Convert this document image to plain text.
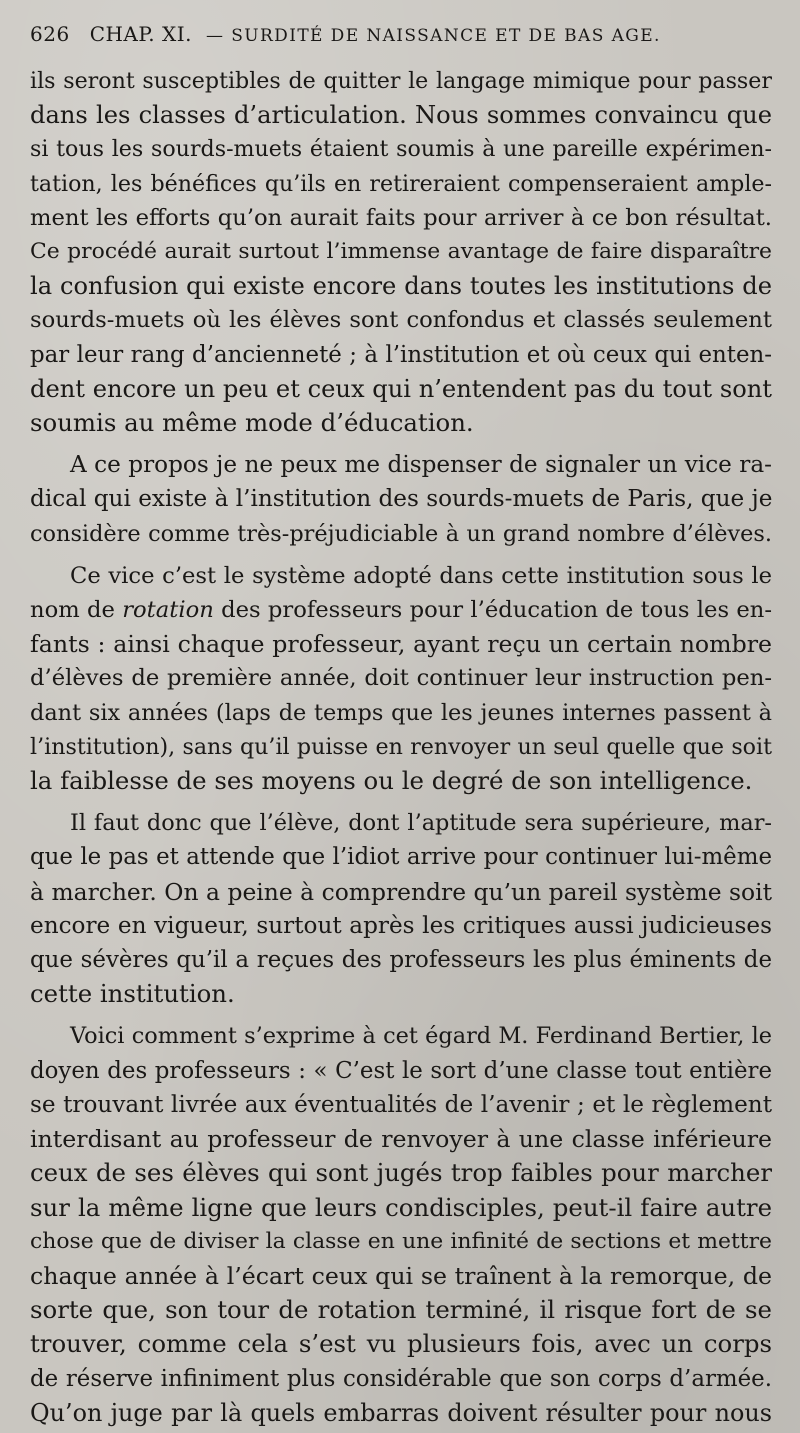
626 CHAP. XI. — SURDITÉ DE NAISSANCE ET DE BAS AGE.

ils seront susceptibles de quitter le langage mimique pour passer
dans les classes d’articulation. Nous sommes convaincu que
si tous les sourds-muets étaient soumis à une pareille expérimen-
tation, les bénéfices qu’ils en retireraient compenseraient ample-
ment les efforts qu’on aurait faits pour arriver à ce bon résultat.
Ce procédé aurait surtout l’immense avantage de faire disparaître
la confusion qui existe encore dans toutes les institutions de
sourds-muets où les élèves sont confondus et classés seulement
par leur rang d’ancienneté ; à l’institution et où ceux qui enten-
dent encore un peu et ceux qui n’entendent pas du tout sont
soumis au même mode d’éducation.

A ce propos je ne peux me dispenser de signaler un vice ra-
dical qui existe à l’institution des sourds-muets de Paris, que je
considère comme très-préjudiciable à un grand nombre d’élèves.

Ce vice c’est le système adopté dans cette institution sous le
nom de rotation des professeurs pour l’éducation de tous les en-
fants : ainsi chaque professeur, ayant reçu un certain nombre
d’élèves de première année, doit continuer leur instruction pen-
dant six années (laps de temps que les jeunes internes passent à
l’institution), sans qu’il puisse en renvoyer un seul quelle que soit
la faiblesse de ses moyens ou le degré de son intelligence.

Il faut donc que l’élève, dont l’aptitude sera supérieure, mar-
que le pas et attende que l’idiot arrive pour continuer lui-même
à marcher. On a peine à comprendre qu’un pareil système soit
encore en vigueur, surtout après les critiques aussi judicieuses
que sévères qu’il a reçues des professeurs les plus éminents de
cette institution.

Voici comment s’exprime à cet égard M. Ferdinand Bertier, le
doyen des professeurs : « C’est le sort d’une classe tout entière
se trouvant livrée aux éventualités de l’avenir ; et le règlement
interdisant au professeur de renvoyer à une classe inférieure
ceux de ses élèves qui sont jugés trop faibles pour marcher
sur la même ligne que leurs condisciples, peut-il faire autre
chose que de diviser la classe en une infinité de sections et mettre
chaque année à l’écart ceux qui se traînent à la remorque, de
sorte que, son tour de rotation terminé, il risque fort de se
trouver, comme cela s’est vu plusieurs fois, avec un corps
de réserve infiniment plus considérable que son corps d’armée.
Qu’on juge par là quels embarras doivent résulter pour nous
